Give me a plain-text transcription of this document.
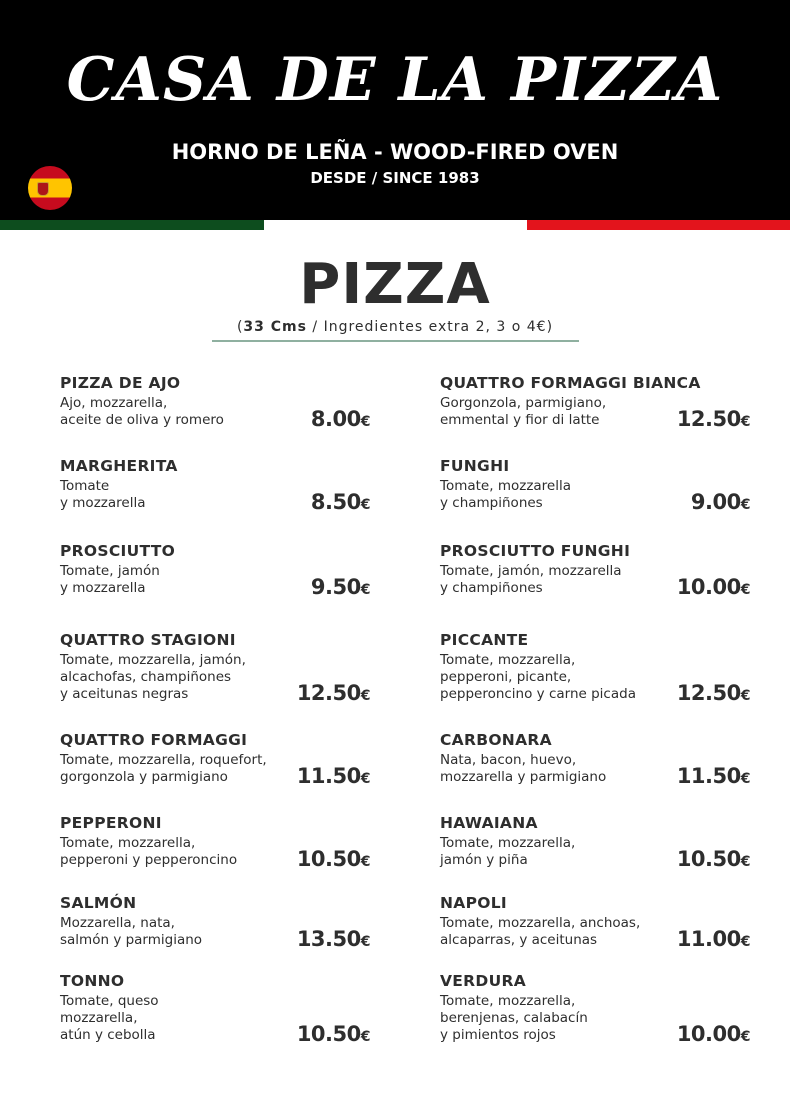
CASA DE LA PIZZA
HORNO DE LEÑA - WOOD-FIRED OVEN
DESDE / SINCE 1983
PIZZA
(33 Cms / Ingredientes extra 2, 3 o 4€)
PIZZA DE AJO
Ajo, mozzarella,
aceite de oliva y romero	8.00€
MARGHERITA
Tomate
y mozzarella	8.50€
PROSCIUTTO
Tomate, jamón
y mozzarella	9.50€
QUATTRO STAGIONI
Tomate, mozzarella, jamón,
alcachofas, champiñones
y aceitunas negras	12.50€
QUATTRO FORMAGGI
Tomate, mozzarella, roquefort,
gorgonzola y parmigiano	11.50€
PEPPERONI
Tomate, mozzarella,
pepperoni y pepperoncino	10.50€
SALMÓN
Mozzarella, nata,
salmón y parmigiano	13.50€
TONNO
Tomate, queso
mozzarella,
atún y cebolla	10.50€
QUATTRO FORMAGGI BIANCA
Gorgonzola, parmigiano,
emmental y fior di latte	12.50€
FUNGHI
Tomate, mozzarella
y champiñones	9.00€
PROSCIUTTO FUNGHI
Tomate, jamón, mozzarella
y champiñones	10.00€
PICCANTE
Tomate, mozzarella,
pepperoni, picante,
pepperoncino y carne picada	12.50€
CARBONARA
Nata, bacon, huevo,
mozzarella y parmigiano	11.50€
HAWAIANA
Tomate, mozzarella,
jamón y piña	10.50€
NAPOLI
Tomate, mozzarella, anchoas,
alcaparras, y aceitunas	11.00€
VERDURA
Tomate, mozzarella,
berenjenas, calabacín
y pimientos rojos	10.00€
